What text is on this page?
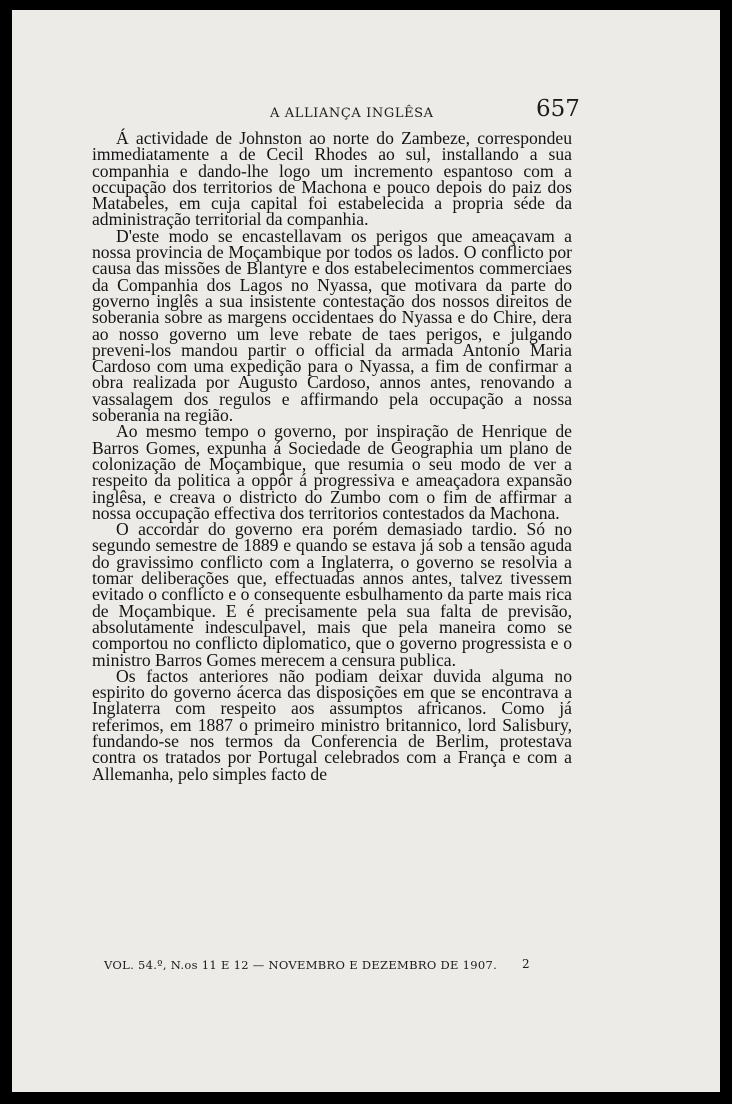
A ALLIANÇA INGLÊSA	657

Á actividade de Johnston ao norte do Zambeze, correspondeu immediatamente a de Cecil Rhodes ao sul, installando a sua companhia e dando-lhe logo um incremento espantoso com a occupação dos territorios de Machona e pouco depois do paiz dos Matabeles, em cuja capital foi estabelecida a propria séde da administração territorial da companhia.

D'este modo se encastellavam os perigos que ameaçavam a nossa provincia de Moçambique por todos os lados. O conflicto por causa das missões de Blantyre e dos estabelecimentos commerciaes da Companhia dos Lagos no Nyassa, que motivara da parte do governo inglês a sua insistente contestação dos nossos direitos de soberania sobre as margens occidentaes do Nyassa e do Chire, dera ao nosso governo um leve rebate de taes perigos, e julgando preveni-los mandou partir o official da armada Antonio Maria Cardoso com uma expedição para o Nyassa, a fim de confirmar a obra realizada por Augusto Cardoso, annos antes, renovando a vassalagem dos regulos e affirmando pela occupação a nossa soberania na região.

Ao mesmo tempo o governo, por inspiração de Henrique de Barros Gomes, expunha á Sociedade de Geographia um plano de colonização de Moçambique, que resumia o seu modo de ver a respeito da politica a oppôr á progressiva e ameaçadora expansão inglêsa, e creava o districto do Zumbo com o fim de affirmar a nossa occupação effectiva dos territorios contestados da Machona.

O accordar do governo era porém demasiado tardio. Só no segundo semestre de 1889 e quando se estava já sob a tensão aguda do gravissimo conflicto com a Inglaterra, o governo se resolvia a tomar deliberações que, effectuadas annos antes, talvez tivessem evitado o conflicto e o consequente esbulhamento da parte mais rica de Moçambique. E é precisamente pela sua falta de previsão, absolutamente indesculpavel, mais que pela maneira como se comportou no conflicto diplomatico, que o governo progressista e o ministro Barros Gomes merecem a censura publica.

Os factos anteriores não podiam deixar duvida alguma no espirito do governo ácerca das disposições em que se encontrava a Inglaterra com respeito aos assumptos africanos. Como já referimos, em 1887 o primeiro ministro britannico, lord Salisbury, fundando-se nos termos da Conferencia de Berlim, protestava contra os tratados por Portugal celebrados com a França e com a Allemanha, pelo simples facto de

VOL. 54.º, N.os 11 E 12 — NOVEMBRO E DEZEMBRO DE 1907. 2
